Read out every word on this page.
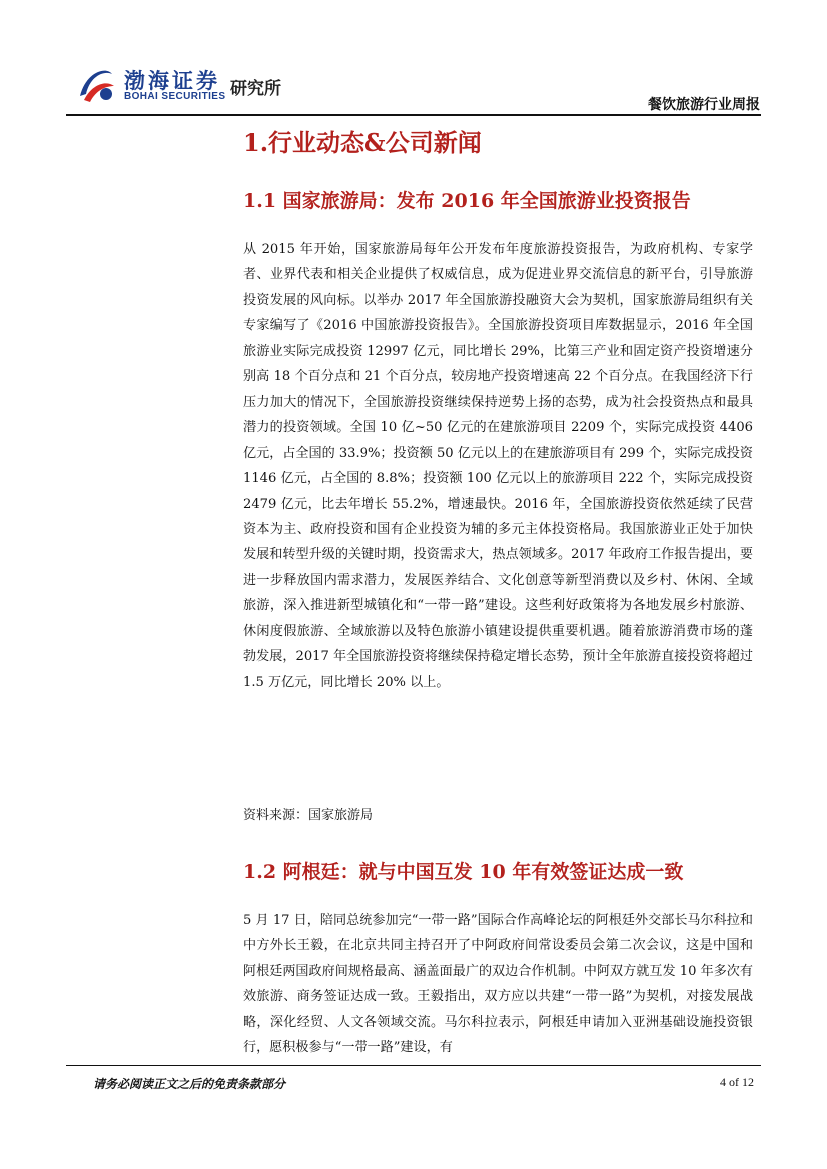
渤海证券
BOHAI SECURITIES 研究所
餐饮旅游行业周报
1.行业动态&公司新闻
1.1 国家旅游局：发布 2016 年全国旅游业投资报告

从 2015 年开始，国家旅游局每年公开发布年度旅游投资报告，为政府机构、专家学者、业界代表和相关企业提供了权威信息，成为促进业界交流信息的新平台，引导旅游投资发展的风向标。以举办 2017 年全国旅游投融资大会为契机，国家旅游局组织有关专家编写了《2016 中国旅游投资报告》。全国旅游投资项目库数据显示，2016 年全国旅游业实际完成投资 12997 亿元，同比增长 29%，比第三产业和固定资产投资增速分别高 18 个百分点和 21 个百分点，较房地产投资增速高 22 个百分点。在我国经济下行压力加大的情况下，全国旅游投资继续保持逆势上扬的态势，成为社会投资热点和最具潜力的投资领域。全国 10 亿~50 亿元的在建旅游项目 2209 个，实际完成投资 4406 亿元，占全国的 33.9%；投资额 50 亿元以上的在建旅游项目有 299 个，实际完成投资 1146 亿元，占全国的 8.8%；投资额 100 亿元以上的旅游项目 222 个，实际完成投资 2479 亿元，比去年增长 55.2%，增速最快。2016 年，全国旅游投资依然延续了民营资本为主、政府投资和国有企业投资为辅的多元主体投资格局。我国旅游业正处于加快发展和转型升级的关键时期，投资需求大，热点领域多。2017 年政府工作报告提出，要进一步释放国内需求潜力，发展医养结合、文化创意等新型消费以及乡村、休闲、全域旅游，深入推进新型城镇化和“一带一路”建设。这些利好政策将为各地发展乡村旅游、休闲度假旅游、全域旅游以及特色旅游小镇建设提供重要机遇。随着旅游消费市场的蓬勃发展，2017 年全国旅游投资将继续保持稳定增长态势，预计全年旅游直接投资将超过 1.5 万亿元，同比增长 20% 以上。

资料来源：国家旅游局
1.2 阿根廷：就与中国互发 10 年有效签证达成一致

5 月 17 日，陪同总统参加完“一带一路”国际合作高峰论坛的阿根廷外交部长马尔科拉和中方外长王毅，在北京共同主持召开了中阿政府间常设委员会第二次会议，这是中国和阿根廷两国政府间规格最高、涵盖面最广的双边合作机制。中阿双方就互发 10 年多次有效旅游、商务签证达成一致。王毅指出，双方应以共建“一带一路”为契机，对接发展战略，深化经贸、人文各领域交流。马尔科拉表示，阿根廷申请加入亚洲基础设施投资银行，愿积极参与“一带一路”建设，有

请务必阅读正文之后的免责条款部分	4 of 12
